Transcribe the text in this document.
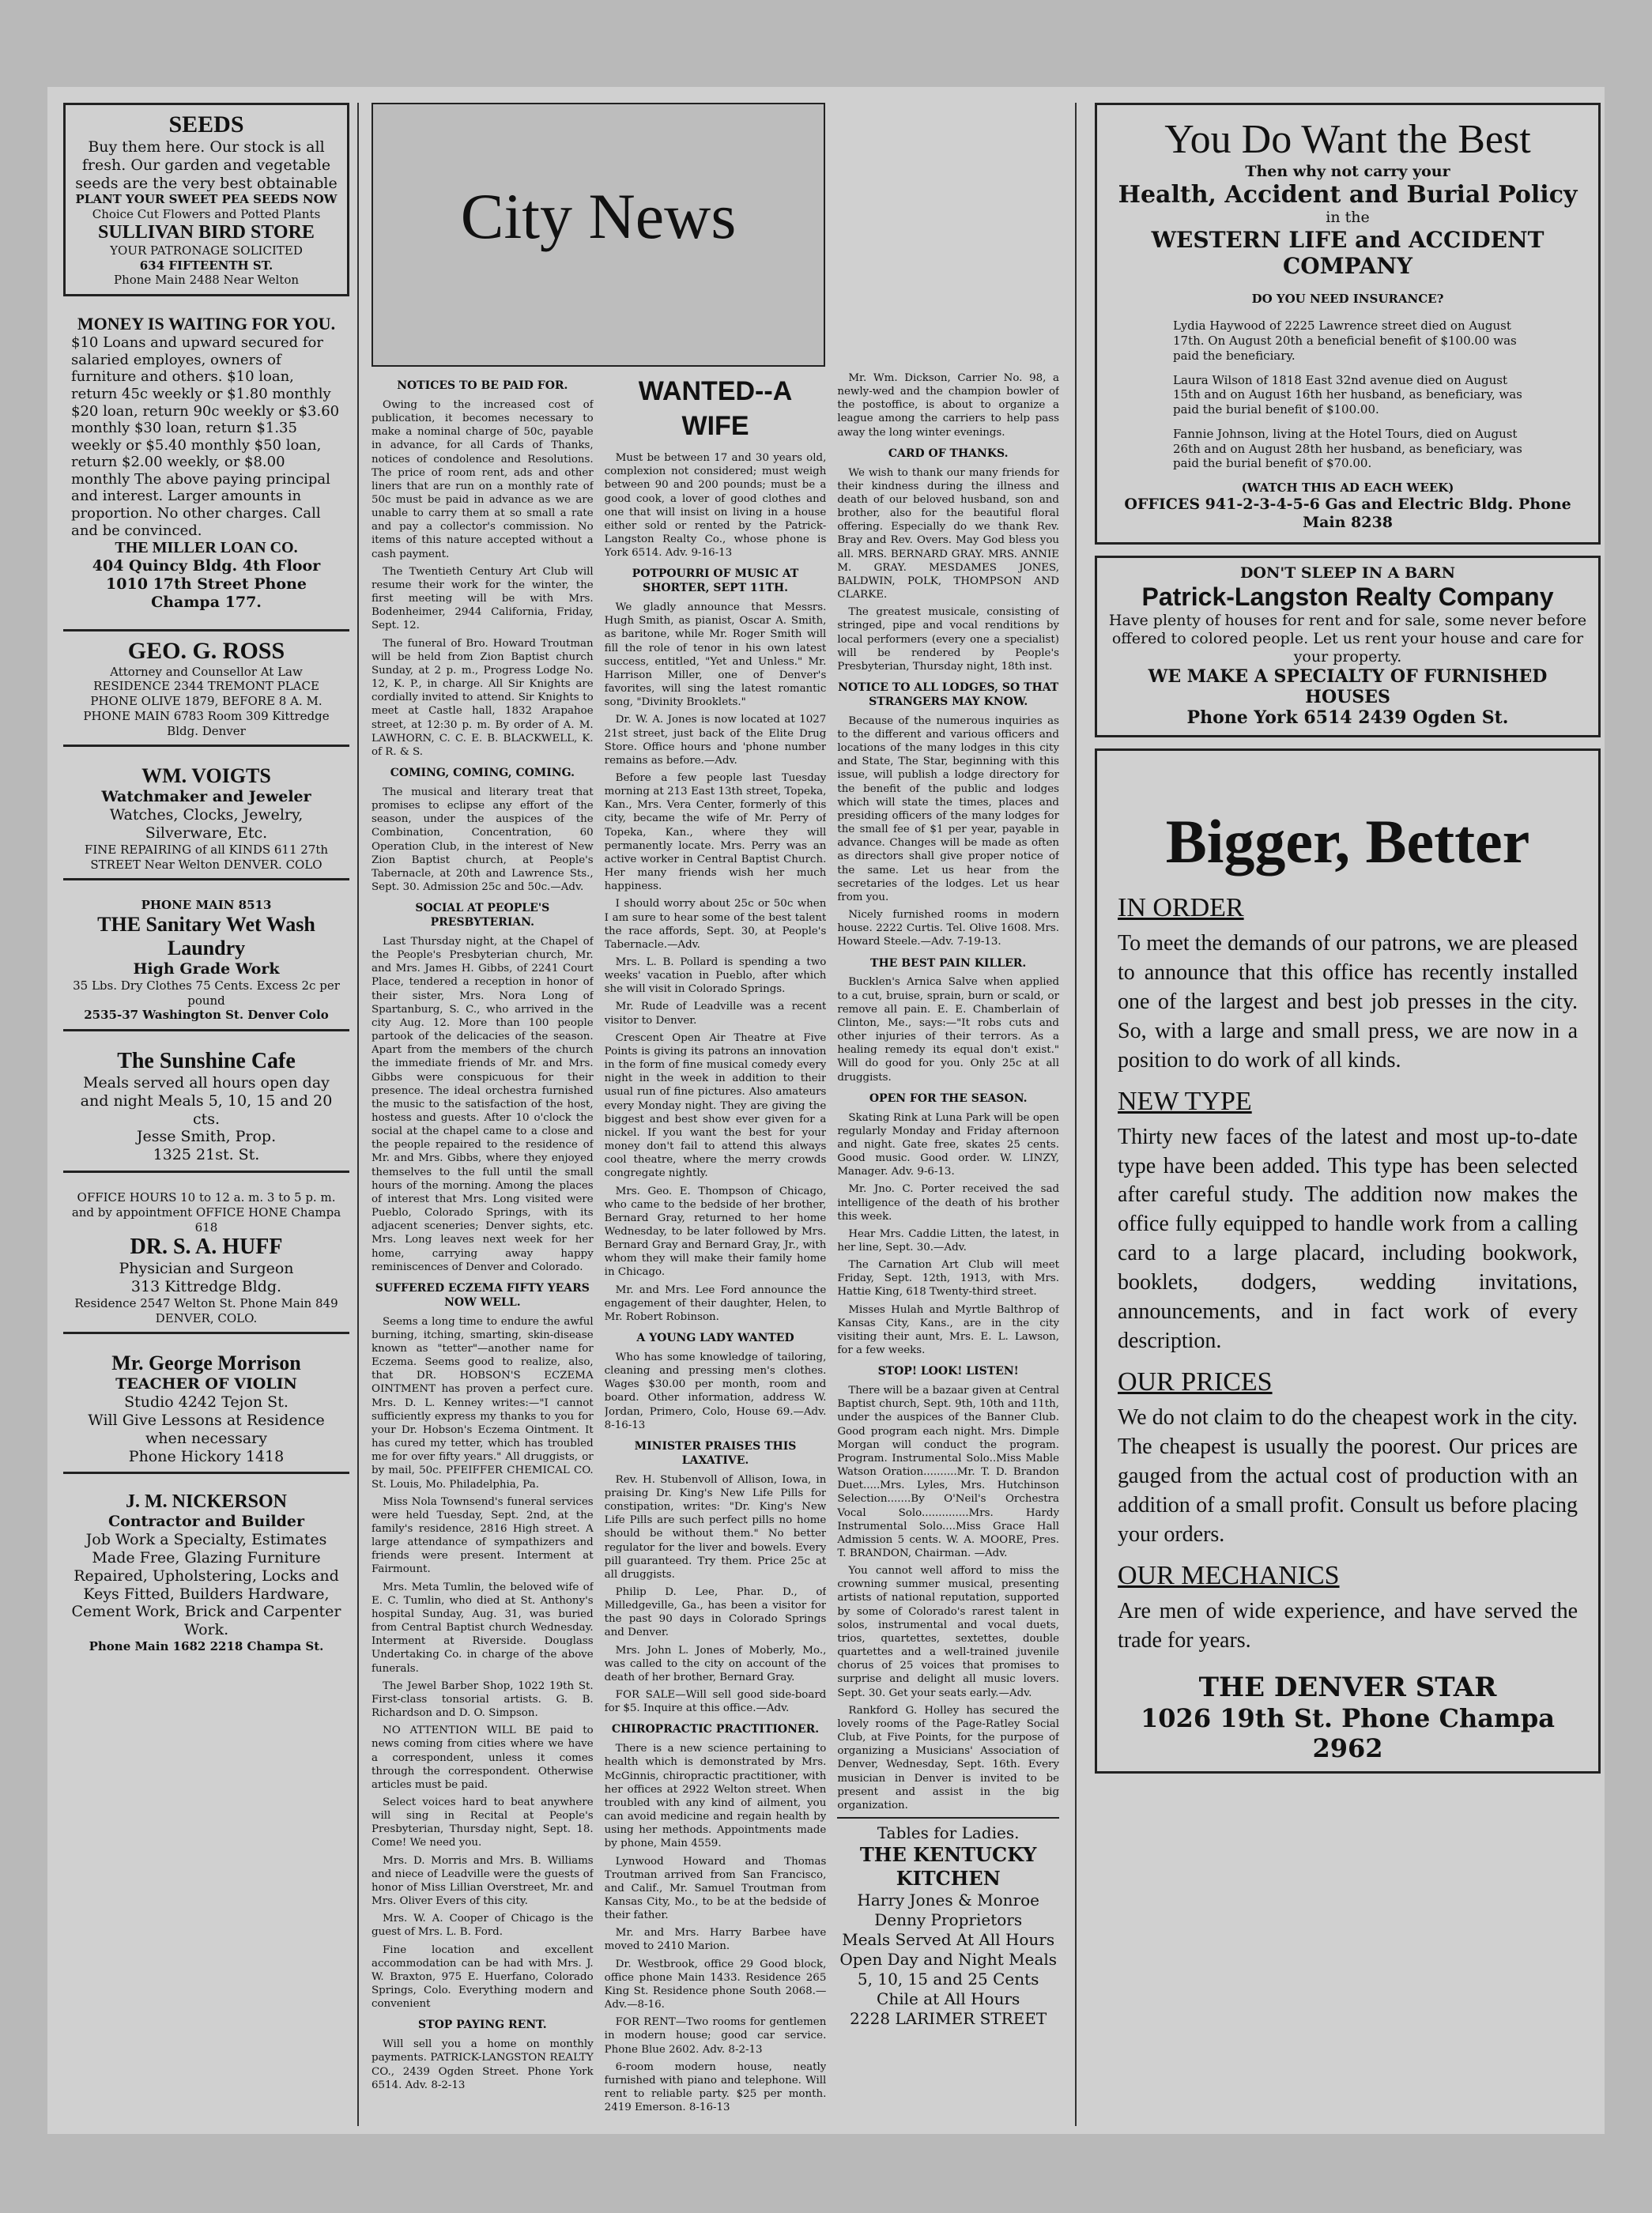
SEEDS
Buy them here. Our stock is all fresh. Our garden and vegetable seeds are the very best obtainable
PLANT YOUR SWEET PEA SEEDS NOW
Choice Cut Flowers and Potted Plants
SULLIVAN BIRD STORE
YOUR PATRONAGE SOLICITED
634 FIFTEENTH ST.
Phone Main 2488 Near Welton
MONEY IS WAITING FOR YOU.
$10 Loans and upward secured for salaried employes, owners of furniture and others. $10 loan, return 45c weekly or $1.80 monthly $20 loan, return 90c weekly or $3.60 monthly $30 loan, return $1.35 weekly or $5.40 monthly $50 loan, return $2.00 weekly, or $8.00 monthly The above paying principal and interest. Larger amounts in proportion. No other charges. Call and be convinced.
THE MILLER LOAN CO.
404 Quincy Bldg. 4th Floor 1010 17th Street Phone Champa 177.
GEO. G. ROSS
Attorney and Counsellor At Law RESIDENCE 2344 TREMONT PLACE PHONE OLIVE 1879, BEFORE 8 A. M. PHONE MAIN 6783 Room 309 Kittredge Bldg. Denver
WM. VOIGTS
Watchmaker and Jeweler
Watches, Clocks, Jewelry, Silverware, Etc.
FINE REPAIRING of all KINDS 611 27th STREET Near Welton DENVER. COLO
PHONE MAIN 8513
THE Sanitary Wet Wash Laundry
High Grade Work
35 Lbs. Dry Clothes 75 Cents. Excess 2c per pound
2535-37 Washington St. Denver Colo
The Sunshine Cafe
Meals served all hours open day and night Meals 5, 10, 15 and 20 cts.
Jesse Smith, Prop.
1325 21st. St.
OFFICE HOURS 10 to 12 a. m. 3 to 5 p. m. and by appointment OFFICE HONE Champa 618
DR. S. A. HUFF
Physician and Surgeon
313 Kittredge Bldg.
Residence 2547 Welton St. Phone Main 849 DENVER, COLO.
Mr. George Morrison
TEACHER OF VIOLIN
Studio 4242 Tejon St.
Will Give Lessons at Residence when necessary
Phone Hickory 1418
J. M. NICKERSON
Contractor and Builder
Job Work a Specialty, Estimates Made Free, Glazing Furniture Repaired, Upholstering, Locks and Keys Fitted, Builders Hardware, Cement Work, Brick and Carpenter Work.
Phone Main 1682 2218 Champa St.
City News
NOTICES TO BE PAID FOR.

Owing to the increased cost of publication, it becomes necessary to make a nominal charge of 50c, payable in advance, for all Cards of Thanks, notices of condolence and Resolutions. The price of room rent, ads and other liners that are run on a monthly rate of 50c must be paid in advance as we are unable to carry them at so small a rate and pay a collector's commission. No items of this nature accepted without a cash payment.

The Twentieth Century Art Club will resume their work for the winter, the first meeting will be with Mrs. Bodenheimer, 2944 California, Friday, Sept. 12.

The funeral of Bro. Howard Troutman will be held from Zion Baptist church Sunday, at 2 p. m., Progress Lodge No. 12, K. P., in charge. All Sir Knights are cordially invited to attend. Sir Knights to meet at Castle hall, 1832 Arapahoe street, at 12:30 p. m. By order of A. M. LAWHORN, C. C. E. B. BLACKWELL, K. of R. & S.

COMING, COMING, COMING.

The musical and literary treat that promises to eclipse any effort of the season, under the auspices of the Combination, Concentration, 60 Operation Club, in the interest of New Zion Baptist church, at People's Tabernacle, at 20th and Lawrence Sts., Sept. 30. Admission 25c and 50c.—Adv.

SOCIAL AT PEOPLE'S PRESBYTERIAN.

Last Thursday night, at the Chapel of the People's Presbyterian church, Mr. and Mrs. James H. Gibbs, of 2241 Court Place, tendered a reception in honor of their sister, Mrs. Nora Long of Spartanburg, S. C., who arrived in the city Aug. 12. More than 100 people partook of the delicacies of the season. Apart from the members of the church the immediate friends of Mr. and Mrs. Gibbs were conspicuous for their presence. The ideal orchestra furnished the music to the satisfaction of the host, hostess and guests. After 10 o'clock the social at the chapel came to a close and the people repaired to the residence of Mr. and Mrs. Gibbs, where they enjoyed themselves to the full until the small hours of the morning. Among the places of interest that Mrs. Long visited were Pueblo, Colorado Springs, with its adjacent sceneries; Denver sights, etc. Mrs. Long leaves next week for her home, carrying away happy reminiscences of Denver and Colorado.

SUFFERED ECZEMA FIFTY YEARS NOW WELL.

Seems a long time to endure the awful burning, itching, smarting, skin-disease known as "tetter"—another name for Eczema. Seems good to realize, also, that DR. HOBSON'S ECZEMA OINTMENT has proven a perfect cure. Mrs. D. L. Kenney writes:—"I cannot sufficiently express my thanks to you for your Dr. Hobson's Eczema Ointment. It has cured my tetter, which has troubled me for over fifty years." All druggists, or by mail, 50c. PFEIFFER CHEMICAL CO. St. Louis, Mo. Philadelphia, Pa.

Miss Nola Townsend's funeral services were held Tuesday, Sept. 2nd, at the family's residence, 2816 High street. A large attendance of sympathizers and friends were present. Interment at Fairmount.

Mrs. Meta Tumlin, the beloved wife of E. C. Tumlin, who died at St. Anthony's hospital Sunday, Aug. 31, was buried from Central Baptist church Wednesday. Interment at Riverside. Douglass Undertaking Co. in charge of the above funerals.

The Jewel Barber Shop, 1022 19th St. First-class tonsorial artists. G. B. Richardson and D. O. Simpson.

NO ATTENTION WILL BE paid to news coming from cities where we have a correspondent, unless it comes through the correspondent. Otherwise articles must be paid.

Select voices hard to beat anywhere will sing in Recital at People's Presbyterian, Thursday night, Sept. 18. Come! We need you.

Mrs. D. Morris and Mrs. B. Williams and niece of Leadville were the guests of honor of Miss Lillian Overstreet, Mr. and Mrs. Oliver Evers of this city.

Mrs. W. A. Cooper of Chicago is the guest of Mrs. L. B. Ford.

Fine location and excellent accommodation can be had with Mrs. J. W. Braxton, 975 E. Huerfano, Colorado Springs, Colo. Everything modern and convenient

STOP PAYING RENT.

Will sell you a home on monthly payments. PATRICK-LANGSTON REALTY CO., 2439 Ogden Street. Phone York 6514. Adv. 8-2-13

WANTED--A WIFE

Must be between 17 and 30 years old, complexion not considered; must weigh between 90 and 200 pounds; must be a good cook, a lover of good clothes and one that will insist on living in a house either sold or rented by the Patrick-Langston Realty Co., whose phone is York 6514. Adv. 9-16-13

POTPOURRI OF MUSIC AT SHORTER, SEPT 11TH.

We gladly announce that Messrs. Hugh Smith, as pianist, Oscar A. Smith, as baritone, while Mr. Roger Smith will fill the role of tenor in his own latest success, entitled, "Yet and Unless." Mr. Harrison Miller, one of Denver's favorites, will sing the latest romantic song, "Divinity Brooklets."

Dr. W. A. Jones is now located at 1027 21st street, just back of the Elite Drug Store. Office hours and 'phone number remains as before.—Adv.

Before a few people last Tuesday morning at 213 East 13th street, Topeka, Kan., Mrs. Vera Center, formerly of this city, became the wife of Mr. Perry of Topeka, Kan., where they will permanently locate. Mrs. Perry was an active worker in Central Baptist Church. Her many friends wish her much happiness.

I should worry about 25c or 50c when I am sure to hear some of the best talent the race affords, Sept. 30, at People's Tabernacle.—Adv.

Mrs. L. B. Pollard is spending a two weeks' vacation in Pueblo, after which she will visit in Colorado Springs.

Mr. Rude of Leadville was a recent visitor to Denver.

Crescent Open Air Theatre at Five Points is giving its patrons an innovation in the form of fine musical comedy every night in the week in addition to their usual run of fine pictures. Also amateurs every Monday night. They are giving the biggest and best show ever given for a nickel. If you want the best for your money don't fail to attend this always cool theatre, where the merry crowds congregate nightly.

Mrs. Geo. E. Thompson of Chicago, who came to the bedside of her brother, Bernard Gray, returned to her home Wednesday, to be later followed by Mrs. Bernard Gray and Bernard Gray, Jr., with whom they will make their family home in Chicago.

Mr. and Mrs. Lee Ford announce the engagement of their daughter, Helen, to Mr. Robert Robinson.

A YOUNG LADY WANTED

Who has some knowledge of tailoring, cleaning and pressing men's clothes. Wages $30.00 per month, room and board. Other information, address W. Jordan, Primero, Colo, House 69.—Adv. 8-16-13

MINISTER PRAISES THIS LAXATIVE.

Rev. H. Stubenvoll of Allison, Iowa, in praising Dr. King's New Life Pills for constipation, writes: "Dr. King's New Life Pills are such perfect pills no home should be without them." No better regulator for the liver and bowels. Every pill guaranteed. Try them. Price 25c at all druggists.

Philip D. Lee, Phar. D., of Milledgeville, Ga., has been a visitor for the past 90 days in Colorado Springs and Denver.

Mrs. John L. Jones of Moberly, Mo., was called to the city on account of the death of her brother, Bernard Gray.

FOR SALE—Will sell good side-board for $5. Inquire at this office.—Adv.

CHIROPRACTIC PRACTITIONER.

There is a new science pertaining to health which is demonstrated by Mrs. McGinnis, chiropractic practitioner, with her offices at 2922 Welton street. When troubled with any kind of ailment, you can avoid medicine and regain health by using her methods. Appointments made by phone, Main 4559.

Lynwood Howard and Thomas Troutman arrived from San Francisco, and Calif., Mr. Samuel Troutman from Kansas City, Mo., to be at the bedside of their father.

Mr. and Mrs. Harry Barbee have moved to 2410 Marion.

Dr. Westbrook, office 29 Good block, office phone Main 1433. Residence 265 King St. Residence phone South 2068.—Adv.—8-16.

FOR RENT—Two rooms for gentlemen in modern house; good car service. Phone Blue 2602. Adv. 8-2-13

6-room modern house, neatly furnished with piano and telephone. Will rent to reliable party. $25 per month. 2419 Emerson. 8-16-13

Mr. Wm. Dickson, Carrier No. 98, a newly-wed and the champion bowler of the postoffice, is about to organize a league among the carriers to help pass away the long winter evenings.

CARD OF THANKS.

We wish to thank our many friends for their kindness during the illness and death of our beloved husband, son and brother, also for the beautiful floral offering. Especially do we thank Rev. Bray and Rev. Overs. May God bless you all. MRS. BERNARD GRAY. MRS. ANNIE M. GRAY. MESDAMES JONES, BALDWIN, POLK, THOMPSON AND CLARKE.

The greatest musicale, consisting of stringed, pipe and vocal renditions by local performers (every one a specialist) will be rendered by People's Presbyterian, Thursday night, 18th inst.

NOTICE TO ALL LODGES, SO THAT STRANGERS MAY KNOW.

Because of the numerous inquiries as to the different and various officers and locations of the many lodges in this city and State, The Star, beginning with this issue, will publish a lodge directory for the benefit of the public and lodges which will state the times, places and presiding officers of the many lodges for the small fee of $1 per year, payable in advance. Changes will be made as often as directors shall give proper notice of the same. Let us hear from the secretaries of the lodges. Let us hear from you.

Nicely furnished rooms in modern house. 2222 Curtis. Tel. Olive 1608. Mrs. Howard Steele.—Adv. 7-19-13.

THE BEST PAIN KILLER.

Bucklen's Arnica Salve when applied to a cut, bruise, sprain, burn or scald, or remove all pain. E. E. Chamberlain of Clinton, Me., says:—"It robs cuts and other injuries of their terrors. As a healing remedy its equal don't exist." Will do good for you. Only 25c at all druggists.

OPEN FOR THE SEASON.

Skating Rink at Luna Park will be open regularly Monday and Friday afternoon and night. Gate free, skates 25 cents. Good music. Good order. W. LINZY, Manager. Adv. 9-6-13.

Mr. Jno. C. Porter received the sad intelligence of the death of his brother this week.

Hear Mrs. Caddie Litten, the latest, in her line, Sept. 30.—Adv.

The Carnation Art Club will meet Friday, Sept. 12th, 1913, with Mrs. Hattie King, 618 Twenty-third street.

Misses Hulah and Myrtle Balthrop of Kansas City, Kans., are in the city visiting their aunt, Mrs. E. L. Lawson, for a few weeks.

STOP! LOOK! LISTEN!

There will be a bazaar given at Central Baptist church, Sept. 9th, 10th and 11th, under the auspices of the Banner Club. Good program each night. Mrs. Dimple Morgan will conduct the program. Program. Instrumental Solo..Miss Mable Watson Oration..........Mr. T. D. Brandon Duet.....Mrs. Lyles, Mrs. Hutchinson Selection.......By O'Neil's Orchestra Vocal Solo..............Mrs. Hardy Instrumental Solo....Miss Grace Hall Admission 5 cents. W. A. MOORE, Pres. T. BRANDON, Chairman. —Adv.

You cannot well afford to miss the crowning summer musical, presenting artists of national reputation, supported by some of Colorado's rarest talent in solos, instrumental and vocal duets, trios, quartettes, sextettes, double quartettes and a well-trained juvenile chorus of 25 voices that promises to surprise and delight all music lovers. Sept. 30. Get your seats early.—Adv.

Rankford G. Holley has secured the lovely rooms of the Page-Ratley Social Club, at Five Points, for the purpose of organizing a Musicians' Association of Denver, Wednesday, Sept. 16th. Every musician in Denver is invited to be present and assist in the big organization.

Tables for Ladies.
THE KENTUCKY KITCHEN
Harry Jones & Monroe Denny Proprietors
Meals Served At All Hours Open Day and Night Meals 5, 10, 15 and 25 Cents Chile at All Hours
2228 LARIMER STREET
You Do Want the Best
Then why not carry your
Health, Accident and Burial Policy
in the
WESTERN LIFE and ACCIDENT COMPANY
DO YOU NEED INSURANCE?
Lydia Haywood of 2225 Lawrence street died on August 17th. On August 20th a beneficial benefit of $100.00 was paid the beneficiary.
Laura Wilson of 1818 East 32nd avenue died on August 15th and on August 16th her husband, as beneficiary, was paid the burial benefit of $100.00.
Fannie Johnson, living at the Hotel Tours, died on August 26th and on August 28th her husband, as beneficiary, was paid the burial benefit of $70.00.
(WATCH THIS AD EACH WEEK)
OFFICES 941-2-3-4-5-6 Gas and Electric Bldg. Phone Main 8238
DON'T SLEEP IN A BARN
Patrick-Langston Realty Company
Have plenty of houses for rent and for sale, some never before offered to colored people. Let us rent your house and care for your property.
WE MAKE A SPECIALTY OF FURNISHED HOUSES
Phone York 6514 2439 Ogden St.
Bigger, Better
IN ORDER
To meet the demands of our patrons, we are pleased to announce that this office has recently installed one of the largest and best job presses in the city. So, with a large and small press, we are now in a position to do work of all kinds.
NEW TYPE
Thirty new faces of the latest and most up-to-date type have been added. This type has been selected after careful study. The addition now makes the office fully equipped to handle work from a calling card to a large placard, including bookwork, booklets, dodgers, wedding invitations, announcements, and in fact work of every description.
OUR PRICES
We do not claim to do the cheapest work in the city. The cheapest is usually the poorest. Our prices are gauged from the actual cost of production with an addition of a small profit. Consult us before placing your orders.
OUR MECHANICS
Are men of wide experience, and have served the trade for years.
THE DENVER STAR
1026 19th St. Phone Champa 2962
